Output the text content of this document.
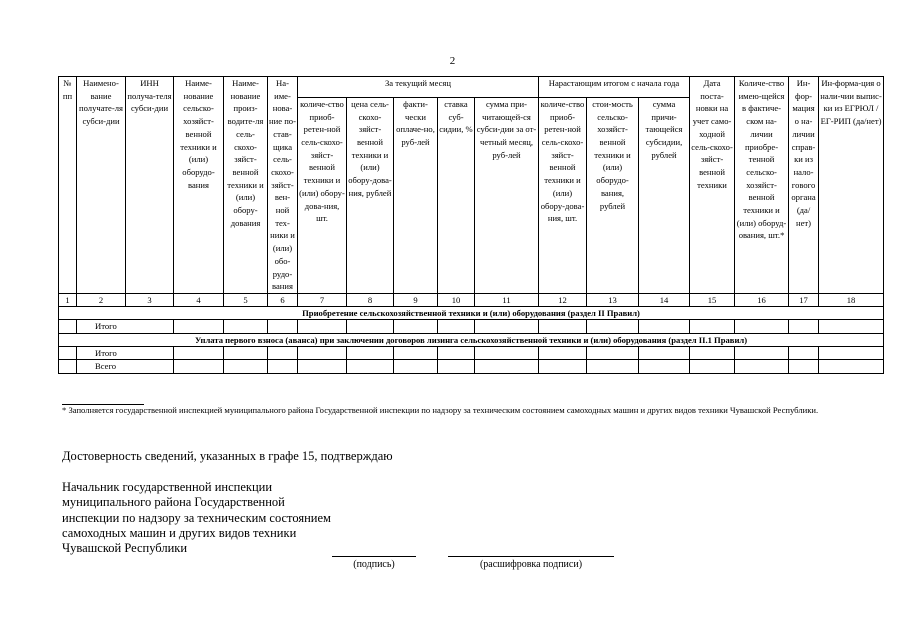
2
№ пп	Наимено-вание получате-ля субси-дии	ИНН получа-теля субси-дии	Наиме-нование сельско-хозяйст-венной техники и (или) оборудо-вания	Наиме-нование произ-водите-ля сель-скохо-зяйст-венной техники и (или) обору-дования	На-име-нова-ние по-став-щика сель-скохо-зяйст-вен-ной тех-ники и (или) обо-рудо-вания	За текущий месяц					Нарастающим итогом с начала года			Дата поста-новки на учет само-ходной сель-скохо-зяйст-венной техники	Количе-ство имею-щейся в фактиче-ском на-личии приобре-тенной сельско-хозяйст-венной техники и (или) оборуд-ования, шт.*	Ин-фор-мация о на-личии справ-ки из нало-гового органа (да/ нет)	Ин-форма-ция о нали-чии выпис-ки из ЕГРЮЛ / ЕГ-РИП (да/нет)
						количе-ство приоб-ретен-ной сель-скохо-зяйст-венной техники и (или) обору-дова-ния, шт.	цена сель-скохо-зяйст-венной техники и (или) обору-дова-ния, рублей	факти-чески оплаче-но, руб-лей	ставка суб-сидии, %	сумма при-читающей-ся субси-дии за от-четный месяц, руб-лей	количе-ство приоб-ретен-ной сель-скохо-зяйст-венной техники и (или) обору-дова-ния, шт.	стои-мость сельско-хозяйст-венной техники и (или) оборудо-вания, рублей	сумма причи-тающейся субсидии, рублей				
1	2	3	4	5	6	7	8	9	10	11	12	13	14	15	16	17	18
Приобретение сельскохозяйственной техники и (или) оборудования (раздел II Правил)																	
	Итого																
Уплата первого взноса (аванса) при заключении договоров лизинга сельскохозяйственной техники и (или) оборудования (раздел II.1 Правил)																	
	Итого																
	Всего																
* Заполняется государственной инспекцией муниципального района Государственной инспекции по надзору за техническим состоянием самоходных машин и других видов техники Чувашской Республики.
Достоверность сведений, указанных в графе 15, подтверждаю
Начальник государственной инспекции муниципального района Государственной инспекции по надзору за техническим состоянием самоходных машин и других видов техники Чувашской Республики
(подпись)	(расшифровка подписи)
